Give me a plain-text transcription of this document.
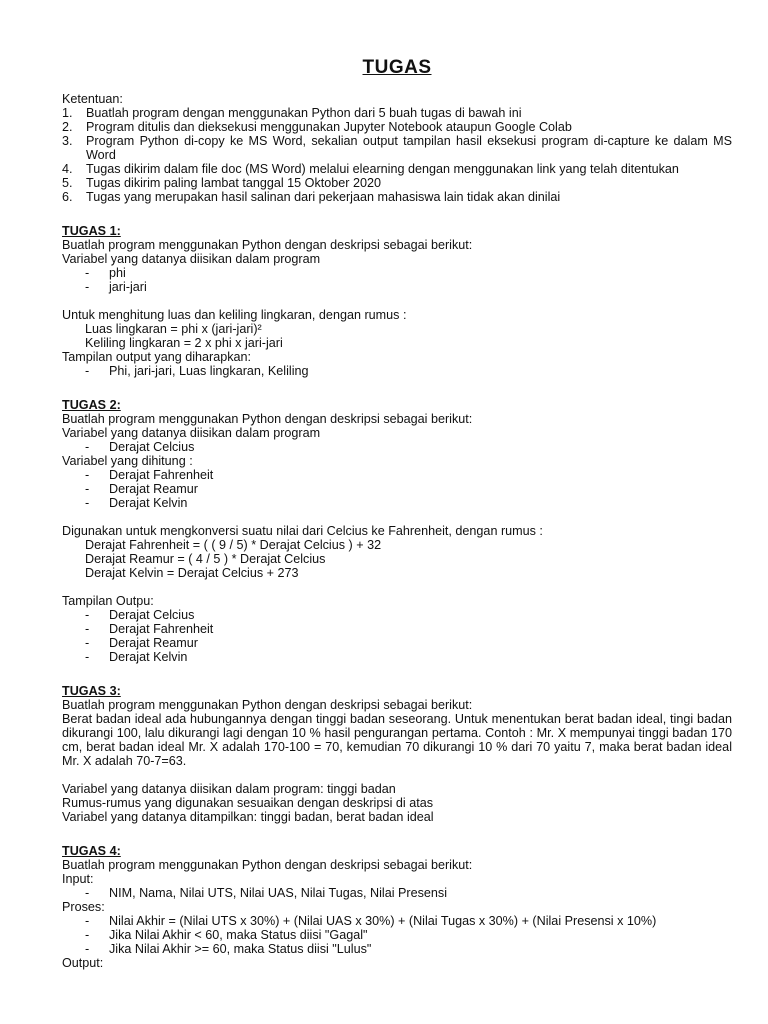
TUGAS
Ketentuan:
1.	Buatlah program dengan menggunakan Python dari 5 buah tugas di bawah ini
2.	Program ditulis dan dieksekusi menggunakan Jupyter Notebook ataupun Google Colab
3.	Program Python di-copy ke MS Word, sekalian output tampilan hasil eksekusi program di-capture ke dalam MS Word
4.	Tugas dikirim dalam file doc (MS Word) melalui elearning dengan menggunakan link yang telah ditentukan
5.	Tugas dikirim paling lambat tanggal 15 Oktober 2020
6.	Tugas yang merupakan hasil salinan dari pekerjaan mahasiswa lain tidak akan dinilai
TUGAS 1:
Buatlah program menggunakan Python dengan deskripsi sebagai berikut:
Variabel yang datanya diisikan dalam program
-	phi
-	jari-jari
Untuk menghitung luas dan keliling lingkaran, dengan rumus :
Luas lingkaran = phi x (jari-jari)²
Keliling lingkaran = 2 x phi x jari-jari
Tampilan output yang diharapkan:
-	Phi, jari-jari, Luas lingkaran, Keliling
TUGAS 2:
Buatlah program menggunakan Python dengan deskripsi sebagai berikut:
Variabel yang datanya diisikan dalam program
-	Derajat Celcius
Variabel yang dihitung :
-	Derajat Fahrenheit
-	Derajat Reamur
-	Derajat Kelvin
Digunakan untuk mengkonversi suatu nilai dari Celcius ke Fahrenheit, dengan rumus :
Derajat Fahrenheit = ( ( 9 / 5) * Derajat Celcius ) + 32
Derajat Reamur = ( 4 / 5 ) * Derajat Celcius
Derajat Kelvin = Derajat Celcius + 273
Tampilan Outpu:
-	Derajat Celcius
-	Derajat Fahrenheit
-	Derajat Reamur
-	Derajat Kelvin
TUGAS 3:
Buatlah program menggunakan Python dengan deskripsi sebagai berikut:
Berat badan ideal ada hubungannya dengan tinggi badan seseorang. Untuk menentukan berat badan ideal, tingi badan dikurangi 100, lalu dikurangi lagi dengan 10 % hasil pengurangan pertama. Contoh : Mr. X mempunyai tinggi badan 170 cm, berat badan ideal Mr. X adalah 170-100 = 70, kemudian 70 dikurangi 10 % dari 70 yaitu 7, maka berat badan ideal Mr. X adalah 70-7=63.
Variabel yang datanya diisikan dalam program: tinggi badan
Rumus-rumus yang digunakan sesuaikan dengan deskripsi di atas
Variabel yang datanya ditampilkan: tinggi badan, berat badan ideal
TUGAS 4:
Buatlah program menggunakan Python dengan deskripsi sebagai berikut:
Input:
-	NIM, Nama, Nilai UTS, Nilai UAS, Nilai Tugas, Nilai Presensi
Proses:
-	Nilai Akhir = (Nilai UTS x 30%) + (Nilai UAS x 30%) + (Nilai Tugas x 30%) + (Nilai Presensi x 10%)
-	Jika Nilai Akhir < 60, maka Status diisi "Gagal"
-	Jika Nilai Akhir >= 60, maka Status diisi "Lulus"
Output:
